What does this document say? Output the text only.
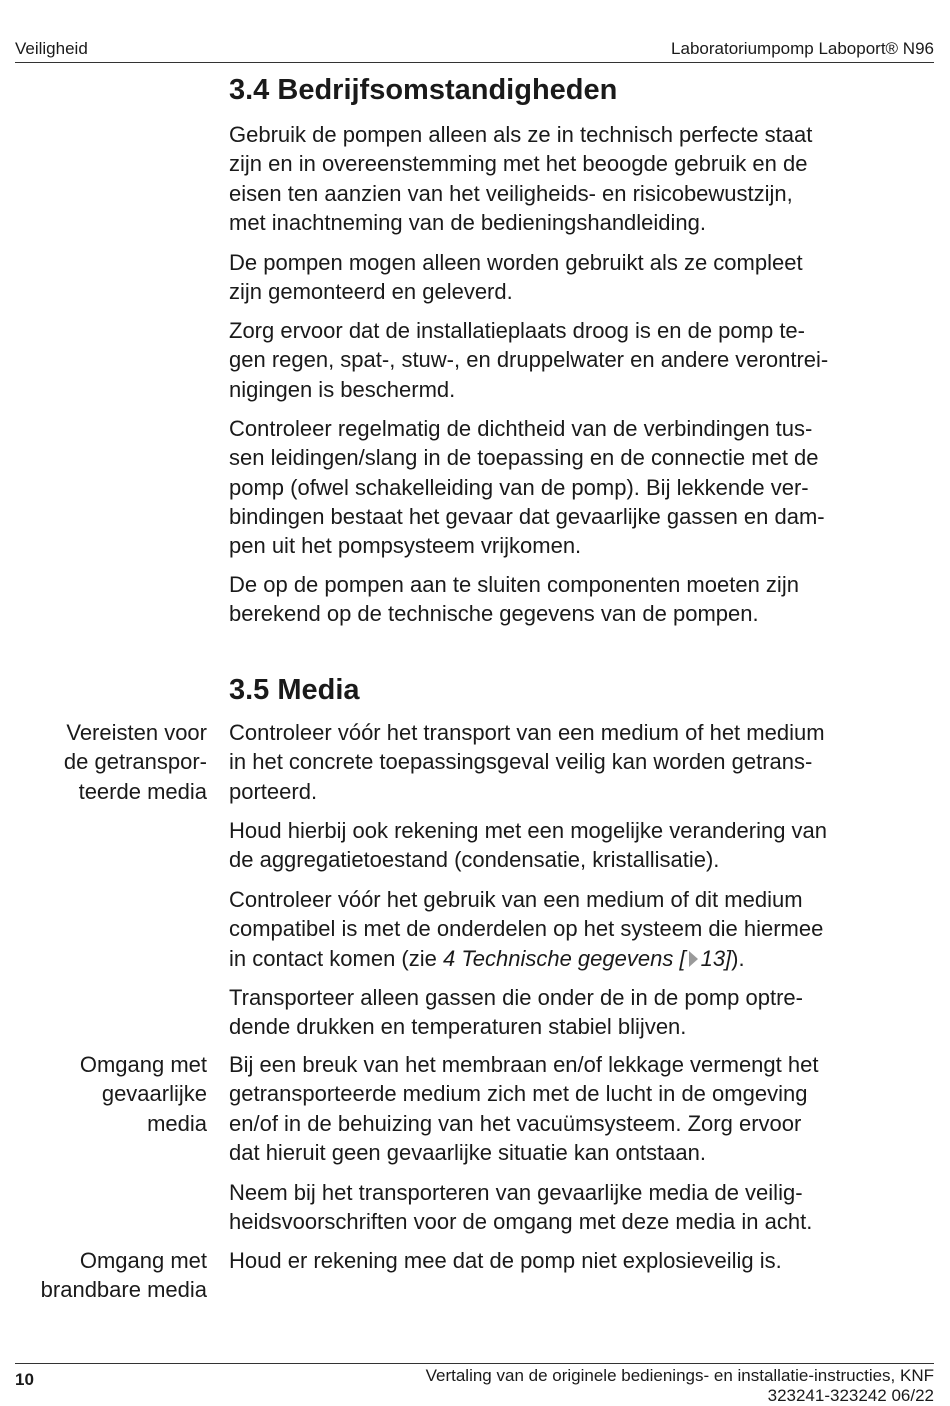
Veiligheid	Laboratoriumpomp Laboport® N96
3.4 Bedrijfsomstandigheden

Gebruik de pompen alleen als ze in technisch perfecte staat
zijn en in overeenstemming met het beoogde gebruik en de
eisen ten aanzien van het veiligheids- en risicobewustzijn,
met inachtneming van de bedieningshandleiding.

De pompen mogen alleen worden gebruikt als ze compleet
zijn gemonteerd en geleverd.

Zorg ervoor dat de installatieplaats droog is en de pomp te-
gen regen, spat-, stuw-, en druppelwater en andere verontrei-
nigingen is beschermd.

Controleer regelmatig de dichtheid van de verbindingen tus-
sen leidingen/slang in de toepassing en de connectie met de
pomp (ofwel schakelleiding van de pomp). Bij lekkende ver-
bindingen bestaat het gevaar dat gevaarlijke gassen en dam-
pen uit het pompsysteem vrijkomen.

De op de pompen aan te sluiten componenten moeten zijn
berekend op de technische gegevens van de pompen.

3.5 Media

Vereisten voor
de getranspor-
teerde media

Controleer vóór het transport van een medium of het medium
in het concrete toepassingsgeval veilig kan worden getrans-
porteerd.

Houd hierbij ook rekening met een mogelijke verandering van
de aggregatietoestand (condensatie, kristallisatie).

Controleer vóór het gebruik van een medium of dit medium
compatibel is met de onderdelen op het systeem die hiermee
in contact komen (zie 4 Technische gegevens [ 13]).

Transporteer alleen gassen die onder de in de pomp optre-
dende drukken en temperaturen stabiel blijven.

Omgang met
gevaarlijke
media

Bij een breuk van het membraan en/of lekkage vermengt het
getransporteerde medium zich met de lucht in de omgeving
en/of in de behuizing van het vacuümsysteem. Zorg ervoor
dat hieruit geen gevaarlijke situatie kan ontstaan.

Neem bij het transporteren van gevaarlijke media de veilig-
heidsvoorschriften voor de omgang met deze media in acht.

Omgang met
brandbare media

Houd er rekening mee dat de pomp niet explosieveilig is.

10	Vertaling van de originele bedienings- en installatie-instructies, KNF
323241-323242 06/22
